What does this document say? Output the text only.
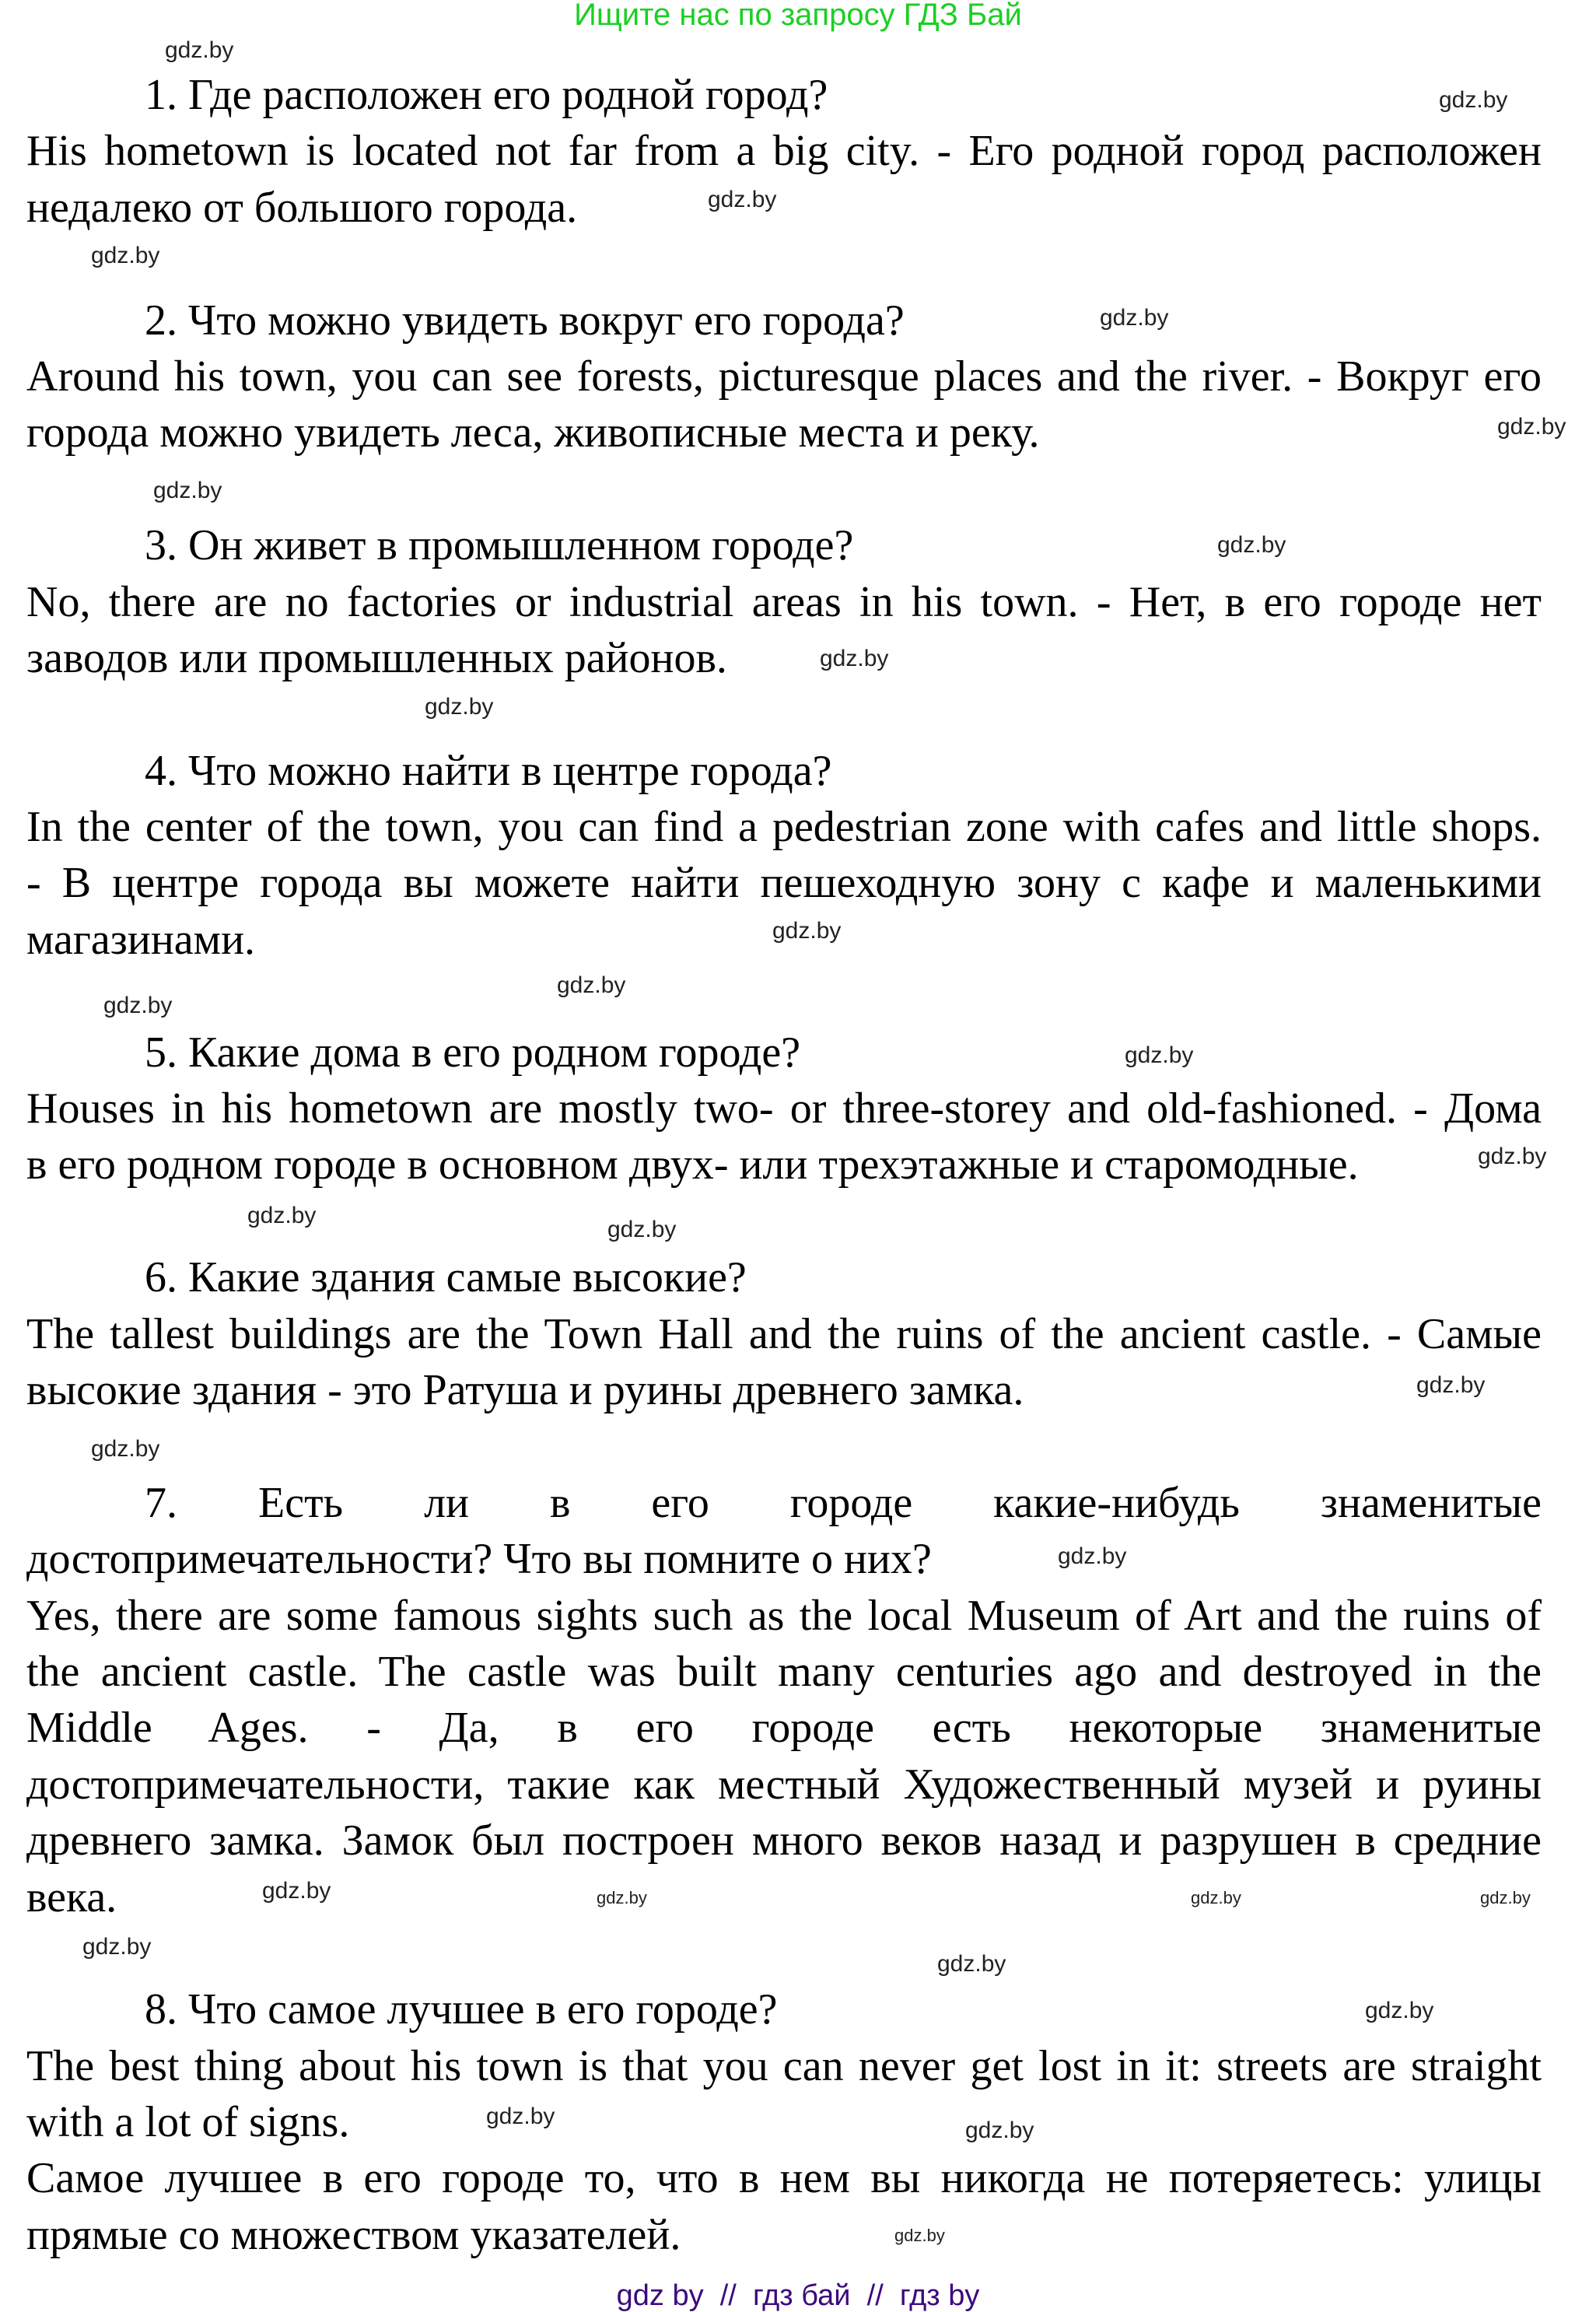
Ищите нас по запросу ГДЗ Бай
1. Где расположен его родной город?
His hometown is located not far from a big city. - Его родной город расположен
недалеко от большого города.
2. Что можно увидеть вокруг его города?
Around his town, you can see forests, picturesque places and the river. - Вокруг его
города можно увидеть леса, живописные места и реку.
3. Он живет в промышленном городе?
No, there are no factories or industrial areas in his town. - Нет, в его городе нет
заводов или промышленных районов.
4. Что можно найти в центре города?
In the center of the town, you can find a pedestrian zone with cafes and little shops.
- В центре города вы можете найти пешеходную зону с кафе и маленькими
магазинами.
5. Какие дома в его родном городе?
Houses in his hometown are mostly two- or three-storey and old-fashioned. - Дома
в его родном городе в основном двух- или трехэтажные и старомодные.
6. Какие здания самые высокие?
The tallest buildings are the Town Hall and the ruins of the ancient castle. - Самые
высокие здания - это Ратуша и руины древнего замка.
7. Есть ли в его городе какие-нибудь знаменитые
достопримечательности? Что вы помните о них?
Yes, there are some famous sights such as the local Museum of Art and the ruins of
the ancient castle. The castle was built many centuries ago and destroyed in the
Middle Ages. - Да, в его городе есть некоторые знаменитые
достопримечательности, такие как местный Художественный музей и руины
древнего замка. Замок был построен много веков назад и разрушен в средние
века.
8. Что самое лучшее в его городе?
The best thing about his town is that you can never get lost in it: streets are straight
with a lot of signs.
Самое лучшее в его городе то, что в нем вы никогда не потеряетесь: улицы
прямые со множеством указателей.
gdz.by
gdz.by
gdz.by
gdz.by
gdz.by
gdz.by
gdz.by
gdz.by
gdz.by
gdz.by
gdz.by
gdz.by
gdz.by
gdz.by
gdz.by
gdz.by
gdz.by
gdz.by
gdz.by
gdz.by
gdz.by	gdz.by
gdz.by
gdz.by
gdz.by
gdz.by
gdz.by
gdz.by
gdz.by
gdz.by
gdz by // гдз бай // гдз by
